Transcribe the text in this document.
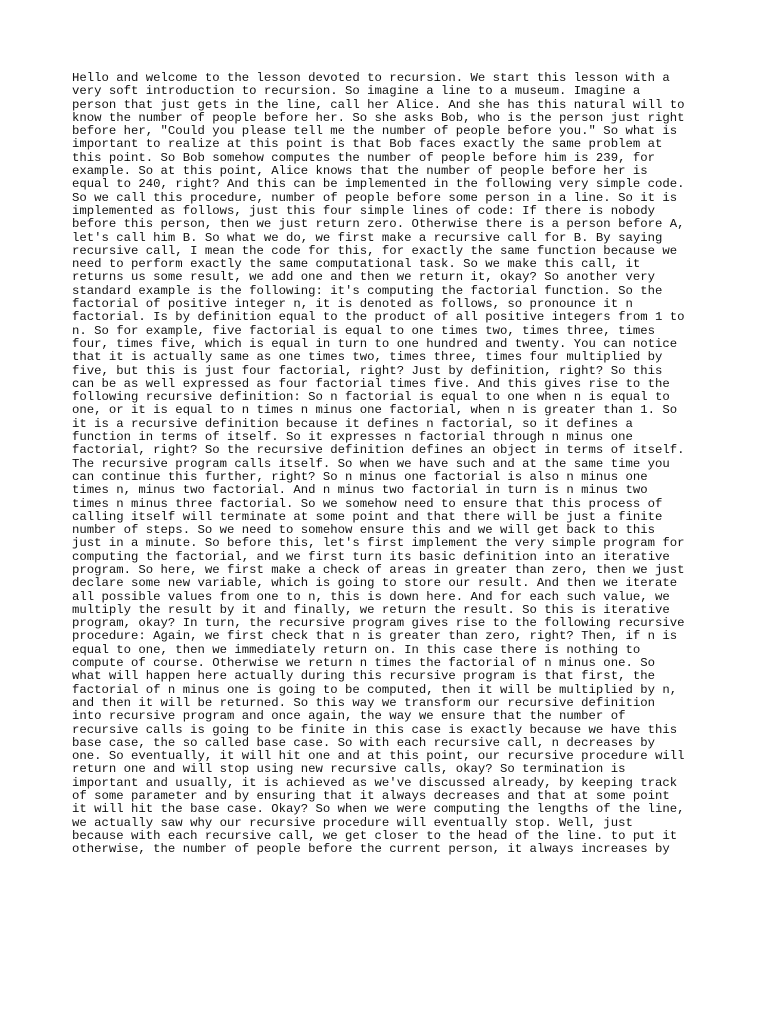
Hello and welcome to the lesson devoted to recursion. We start this lesson with a
very soft introduction to recursion. So imagine a line to a museum. Imagine a
person that just gets in the line, call her Alice. And she has this natural will to
know the number of people before her. So she asks Bob, who is the person just right
before her, "Could you please tell me the number of people before you." So what is
important to realize at this point is that Bob faces exactly the same problem at
this point. So Bob somehow computes the number of people before him is 239, for
example. So at this point, Alice knows that the number of people before her is
equal to 240, right? And this can be implemented in the following very simple code.
So we call this procedure, number of people before some person in a line. So it is
implemented as follows, just this four simple lines of code: If there is nobody
before this person, then we just return zero. Otherwise there is a person before A,
let's call him B. So what we do, we first make a recursive call for B. By saying
recursive call, I mean the code for this, for exactly the same function because we
need to perform exactly the same computational task. So we make this call, it
returns us some result, we add one and then we return it, okay? So another very
standard example is the following: it's computing the factorial function. So the
factorial of positive integer n, it is denoted as follows, so pronounce it n
factorial. Is by definition equal to the product of all positive integers from 1 to
n. So for example, five factorial is equal to one times two, times three, times
four, times five, which is equal in turn to one hundred and twenty. You can notice
that it is actually same as one times two, times three, times four multiplied by
five, but this is just four factorial, right? Just by definition, right? So this
can be as well expressed as four factorial times five. And this gives rise to the
following recursive definition: So n factorial is equal to one when n is equal to
one, or it is equal to n times n minus one factorial, when n is greater than 1. So
it is a recursive definition because it defines n factorial, so it defines a
function in terms of itself. So it expresses n factorial through n minus one
factorial, right? So the recursive definition defines an object in terms of itself.
The recursive program calls itself. So when we have such and at the same time you
can continue this further, right? So n minus one factorial is also n minus one
times n, minus two factorial. And n minus two factorial in turn is n minus two
times n minus three factorial. So we somehow need to ensure that this process of
calling itself will terminate at some point and that there will be just a finite
number of steps. So we need to somehow ensure this and we will get back to this
just in a minute. So before this, let's first implement the very simple program for
computing the factorial, and we first turn its basic definition into an iterative
program. So here, we first make a check of areas in greater than zero, then we just
declare some new variable, which is going to store our result. And then we iterate
all possible values from one to n, this is down here. And for each such value, we
multiply the result by it and finally, we return the result. So this is iterative
program, okay? In turn, the recursive program gives rise to the following recursive
procedure: Again, we first check that n is greater than zero, right? Then, if n is
equal to one, then we immediately return on. In this case there is nothing to
compute of course. Otherwise we return n times the factorial of n minus one. So
what will happen here actually during this recursive program is that first, the
factorial of n minus one is going to be computed, then it will be multiplied by n,
and then it will be returned. So this way we transform our recursive definition
into recursive program and once again, the way we ensure that the number of
recursive calls is going to be finite in this case is exactly because we have this
base case, the so called base case. So with each recursive call, n decreases by
one. So eventually, it will hit one and at this point, our recursive procedure will
return one and will stop using new recursive calls, okay? So termination is
important and usually, it is achieved as we've discussed already, by keeping track
of some parameter and by ensuring that it always decreases and that at some point
it will hit the base case. Okay? So when we were computing the lengths of the line,
we actually saw why our recursive procedure will eventually stop. Well, just
because with each recursive call, we get closer to the head of the line. to put it
otherwise, the number of people before the current person, it always increases by
